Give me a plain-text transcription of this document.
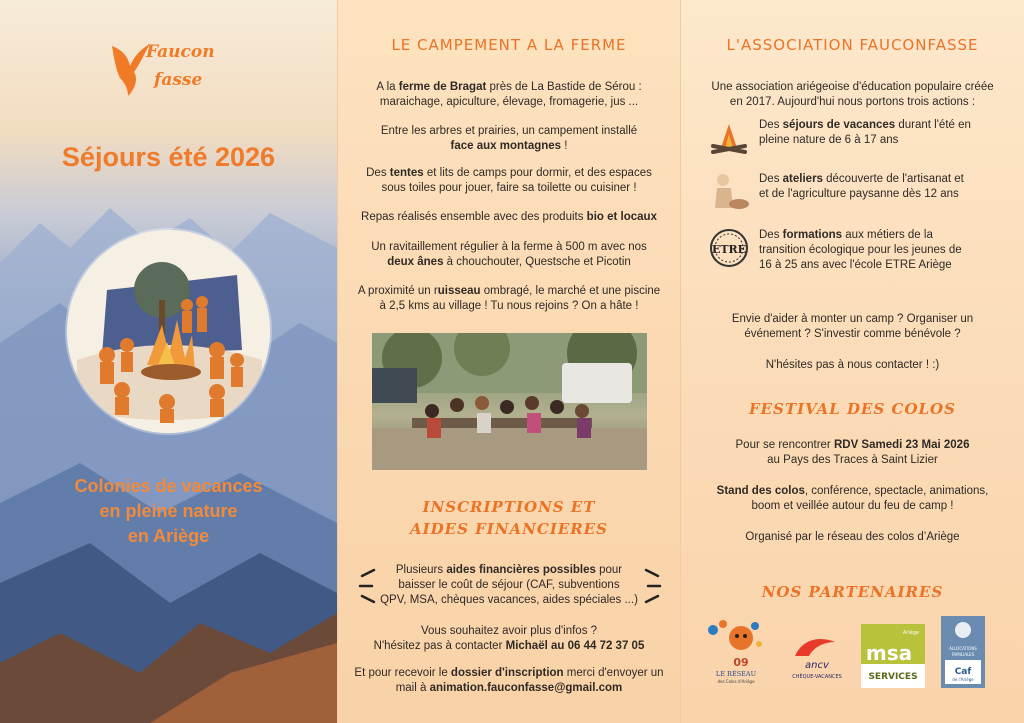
Faucon
fasse
Séjours été 2026
Colonies de vacances
en pleine nature
en Ariège
LE CAMPEMENT A LA FERME
A la ferme de Bragat près de La Bastide de Sérou :
maraichage, apiculture, élevage, fromagerie, jus ...
Entre les arbres et prairies, un campement installé
face aux montagnes !
Des tentes et lits de camps pour dormir, et des espaces
sous toiles pour jouer, faire sa toilette ou cuisiner !
Repas réalisés ensemble avec des produits bio et locaux
Un ravitaillement régulier à la ferme à 500 m avec nos
deux ânes à chouchouter, Questsche et Picotin
A proximité un ruisseau ombragé, le marché et une piscine
à 2,5 kms au village ! Tu nous rejoins ? On a hâte !
INSCRIPTIONS ET
AIDES FINANCIERES
Plusieurs aides financières possibles pour
baisser le coût de séjour (CAF, subventions
QPV, MSA, chèques vacances, aides spéciales ...)
Vous souhaitez avoir plus d'infos ?
N'hésitez pas à contacter Michaël au 06 44 72 37 05
Et pour recevoir le dossier d'inscription merci d'envoyer un
mail à animation.fauconfasse@gmail.com
L'ASSOCIATION FAUCONFASSE
Une association ariégeoise d'éducation populaire créée
en 2017. Aujourd'hui nous portons trois actions :
Des séjours de vacances durant l'été en
pleine nature de 6 à 17 ans
Des ateliers découverte de l'artisanat et
et de l'agriculture paysanne dès 12 ans
ETRE
Des formations aux métiers de la
transition écologique pour les jeunes de
16 à 25 ans avec l'école ETRE Ariège
Envie d'aider à monter un camp ? Organiser un
événement ? S'investir comme bénévole ?
N'hésites pas à nous contacter ! :)
FESTIVAL DES COLOS
Pour se rencontrer RDV Samedi 23 Mai 2026
au Pays des Traces à Saint Lizier
Stand des colos, conférence, spectacle, animations,
boom et veillée autour du feu de camp !
Organisé par le réseau des colos d’Ariège
NOS PARTENAIRES
09
LE RÉSEAU
des Colos d'Ariège
ancv
CHÈQUE-VACANCES
Ariège
msa
SERVICES
ALLOCATIONS
FAMILIALES
Caf
de l'Ariège
